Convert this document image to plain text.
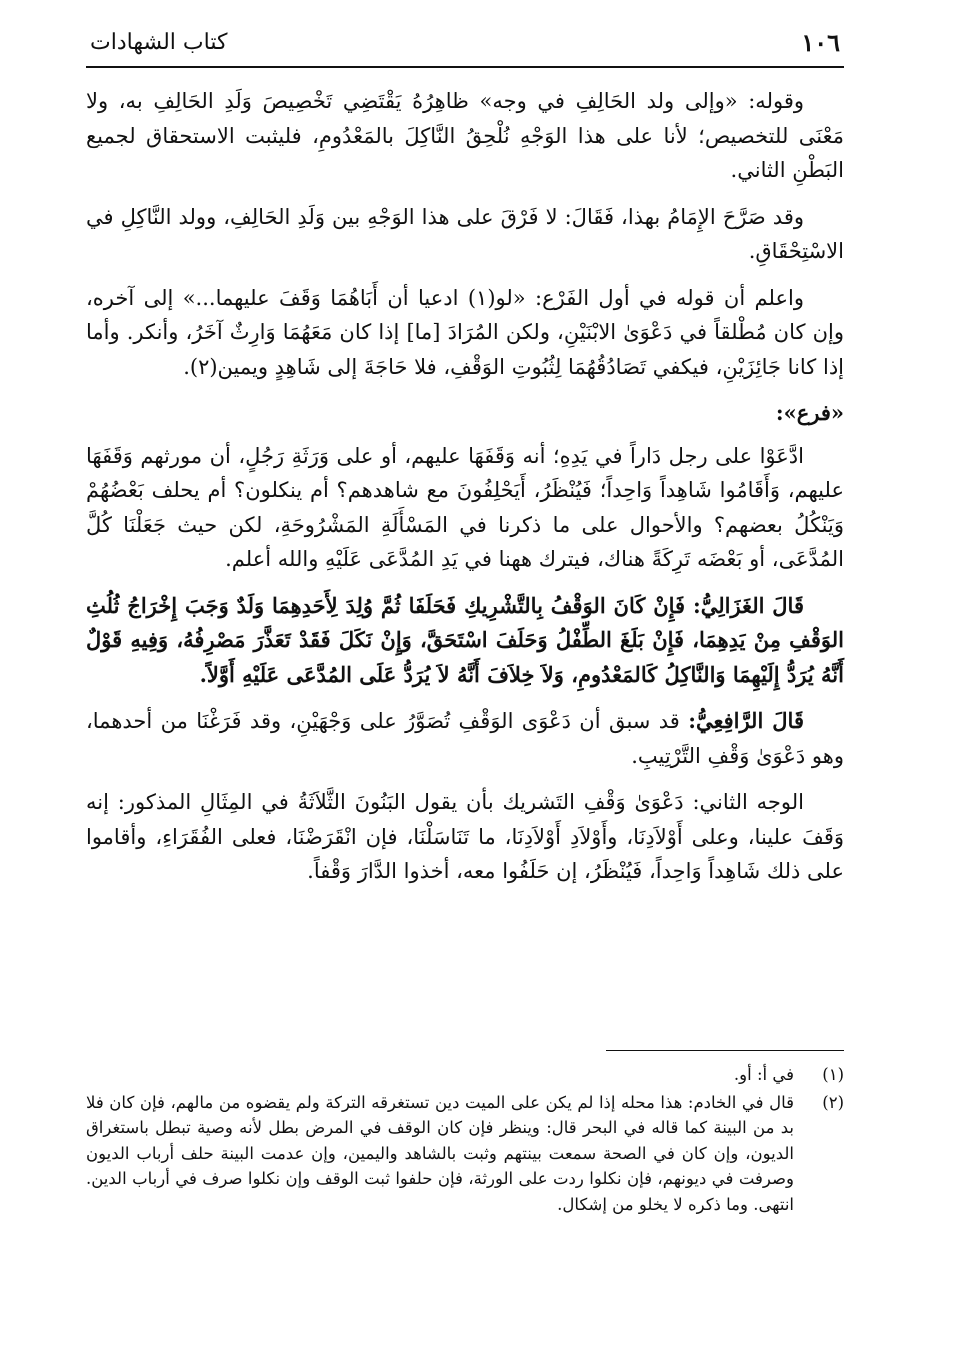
١٠٦
كتاب الشهادات

وقوله: «وإلى ولد الحَالِفِ في وجه» ظاهِرُهُ يَقْتَضِي تَخْصِيصَ وَلَدِ الحَالِفِ به، ولا مَعْنَى للتخصيص؛ لأنا على هذا الوَجْهِ نُلْحِقُ النَّاكِلَ بالمَعْدُومِ، فليثبت الاستحقاق لجميع البَطْنِ الثاني.

وقد صَرَّحَ الإِمَامُ بهذا، فَقَالَ: لا فَرْقَ على هذا الوَجْهِ بين وَلَدِ الحَالِفِ، وولد النَّاكِلِ في الاسْتِحْقَاقِ.

واعلم أن قوله في أول الفَرْع: «لو(١) ادعيا أن أَبَاهُمَا وَقَفَ عليهما...» إلى آخره، وإن كان مُطْلقاً في دَعْوَىٰ الابْنَيْنِ، ولكن المُرَادَ [ما] إذا كان مَعَهُمَا وَارِثٌ آخَرُ، وأنكر. وأما إذا كانا جَائِزَيْنِ، فيكفي تَصَادُقُهُمَا لِثُبُوتِ الوَقْفِ، فلا حَاجَةَ إلى شَاهِدٍ ويمين(٢).

«فرع»:

ادَّعَوْا على رجل دَاراً في يَدِهِ؛ أنه وَقَفَهَا عليهم، أو على وَرَثَةِ رَجُلٍ، أن مورثهم وَقَفَهَا عليهم، وَأَقَامُوا شَاهِداً وَاحِداً؛ فَيُنْظَرُ، أَيَحْلِفُونَ مع شاهدهم؟ أم ينكلون؟ أم يحلف بَعْضُهُمْ وَيَنْكُلُ بعضهم؟ والأحوال على ما ذكرنا في المَسْأَلَةِ المَشْرُوحَةِ، لكن حيث جَعَلْنَا كُلَّ المُدَّعَى، أو بَعْضَه تَرِكَةً هناك، فيترك ههنا في يَدِ المُدَّعَى عَلَيْهِ والله أعلم.

قَالَ الغَزَالِيُّ: فَإِنْ كَانَ الوَقْفُ بِالتَّشْرِيكِ فَحَلَفَا ثُمَّ وُلِدَ لِأَحَدِهِمَا وَلَدٌ وَجَبَ إِخْرَاجُ ثُلُثِ الوَقْفِ مِنْ يَدِهِمَا، فَإِنْ بَلَغَ الطِّفْلُ وَحَلَفَ اسْتَحَقَّ، وَإِنْ نَكَلَ فَقَدْ تَعَذَّرَ مَصْرِفُهُ، وَفِيهِ قَوْلٌ أَنَّهُ يُرَدُّ إِلَيْهِمَا وَالنَّاكِلُ كَالمَعْدُومِ، وَلاَ خِلاَفَ أَنَّهُ لاَ يُرَدُّ عَلَى المُدَّعَى عَلَيْهِ أَوَّلاً.

قَالَ الرَّافِعِيُّ: قد سبق أن دَعْوَى الوَقْفِ تُصَوَّرُ على وَجْهَيْنِ، وقد فَرَغْنَا من أحدهما، وهو دَعْوَىٰ وَقْفِ التَّرْتِيبِ.

الوجه الثاني: دَعْوَىٰ وَقْفِ التَشريك بأن يقول البَنُونَ الثَّلاَثَةُ في المِثَالِ المذكور: إنه وَقَفَ علينا، وعلى أَوْلاَدِنَا، وأَوْلاَدِ أَوْلاَدِنَا، ما تَنَاسَلْنَا، فإن انْقَرَضْنَا، فعلى الفُقَرَاءِ، وأقاموا على ذلك شَاهِداً وَاحِداً، فَيُنْظَرُ، إن حَلَفُوا معه، أخذوا الدَّارَ وَقْفاً.

(١)
في أ: أو.

(٢)
قال في الخادم: هذا محله إذا لم يكن على الميت دين تستغرقه التركة ولم يقضوه من مالهم، فإن كان فلا بد من البينة كما قاله في البحر قال: وينظر فإن كان الوقف في المرض بطل لأنه وصية تبطل باستغراق الديون، وإن كان في الصحة سمعت بينتهم وثبت بالشاهد واليمين، وإن عدمت البينة حلف أرباب الديون وصرفت في ديونهم، فإن نكلوا ردت على الورثة، فإن حلفوا ثبت الوقف وإن نكلوا صرف في أرباب الدين. انتهى. وما ذكره لا يخلو من إشكال.
